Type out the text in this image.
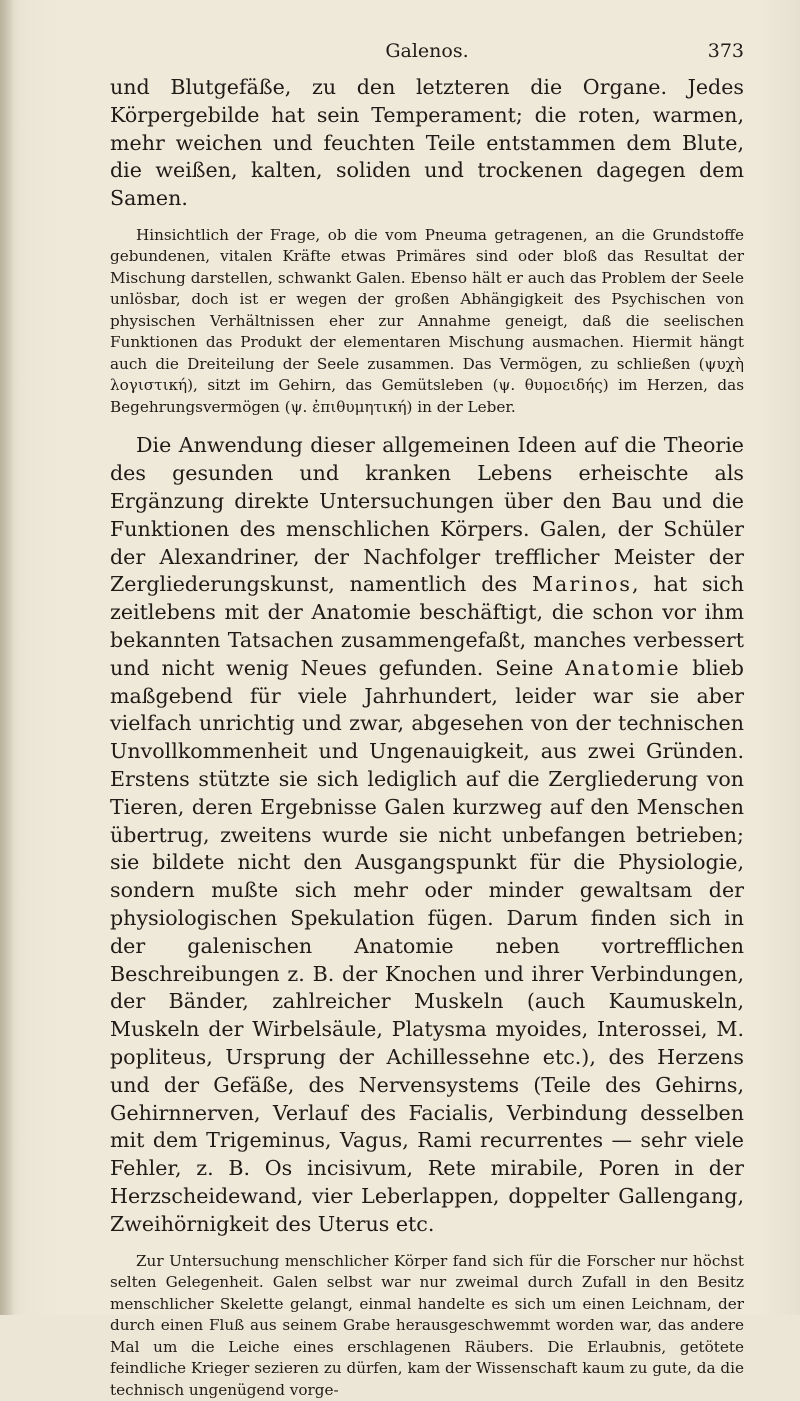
Galenos.	373

und Blutgefäße, zu den letzteren die Organe. Jedes Körpergebilde hat sein Temperament; die roten, warmen, mehr weichen und feuchten Teile entstammen dem Blute, die weißen, kalten, soliden und trockenen dagegen dem Samen.

Hinsichtlich der Frage, ob die vom Pneuma getragenen, an die Grundstoffe gebundenen, vitalen Kräfte etwas Primäres sind oder bloß das Resultat der Mischung darstellen, schwankt Galen. Ebenso hält er auch das Problem der Seele unlösbar, doch ist er wegen der großen Abhängigkeit des Psychischen von physischen Verhältnissen eher zur Annahme geneigt, daß die seelischen Funktionen das Produkt der elementaren Mischung ausmachen. Hiermit hängt auch die Dreiteilung der Seele zusammen. Das Vermögen, zu schließen (ψυχὴ λογιστική), sitzt im Gehirn, das Gemütsleben (ψ. θυμοειδής) im Herzen, das Begehrungsvermögen (ψ. ἐπιθυμητική) in der Leber.

Die Anwendung dieser allgemeinen Ideen auf die Theorie des gesunden und kranken Lebens erheischte als Ergänzung direkte Untersuchungen über den Bau und die Funktionen des menschlichen Körpers. Galen, der Schüler der Alexandriner, der Nachfolger trefflicher Meister der Zergliederungskunst, namentlich des Marinos, hat sich zeitlebens mit der Anatomie beschäftigt, die schon vor ihm bekannten Tatsachen zusammengefaßt, manches verbessert und nicht wenig Neues gefunden. Seine Anatomie blieb maßgebend für viele Jahrhundert, leider war sie aber vielfach unrichtig und zwar, abgesehen von der technischen Unvollkommenheit und Ungenauigkeit, aus zwei Gründen. Erstens stützte sie sich lediglich auf die Zergliederung von Tieren, deren Ergebnisse Galen kurzweg auf den Menschen übertrug, zweitens wurde sie nicht unbefangen betrieben; sie bildete nicht den Ausgangspunkt für die Physiologie, sondern mußte sich mehr oder minder gewaltsam der physiologischen Spekulation fügen. Darum finden sich in der galenischen Anatomie neben vortrefflichen Beschreibungen z. B. der Knochen und ihrer Verbindungen, der Bänder, zahlreicher Muskeln (auch Kaumuskeln, Muskeln der Wirbelsäule, Platysma myoides, Interossei, M. popliteus, Ursprung der Achillessehne etc.), des Herzens und der Gefäße, des Nervensystems (Teile des Gehirns, Gehirnnerven, Verlauf des Facialis, Verbindung desselben mit dem Trigeminus, Vagus, Rami recurrentes — sehr viele Fehler, z. B. Os incisivum, Rete mirabile, Poren in der Herzscheidewand, vier Leberlappen, doppelter Gallengang, Zweihörnigkeit des Uterus etc.

Zur Untersuchung menschlicher Körper fand sich für die Forscher nur höchst selten Gelegenheit. Galen selbst war nur zweimal durch Zufall in den Besitz menschlicher Skelette gelangt, einmal handelte es sich um einen Leichnam, der durch einen Fluß aus seinem Grabe herausgeschwemmt worden war, das andere Mal um die Leiche eines erschlagenen Räubers. Die Erlaubnis, getötete feindliche Krieger sezieren zu dürfen, kam der Wissenschaft kaum zu gute, da die technisch ungenügend vorge-
